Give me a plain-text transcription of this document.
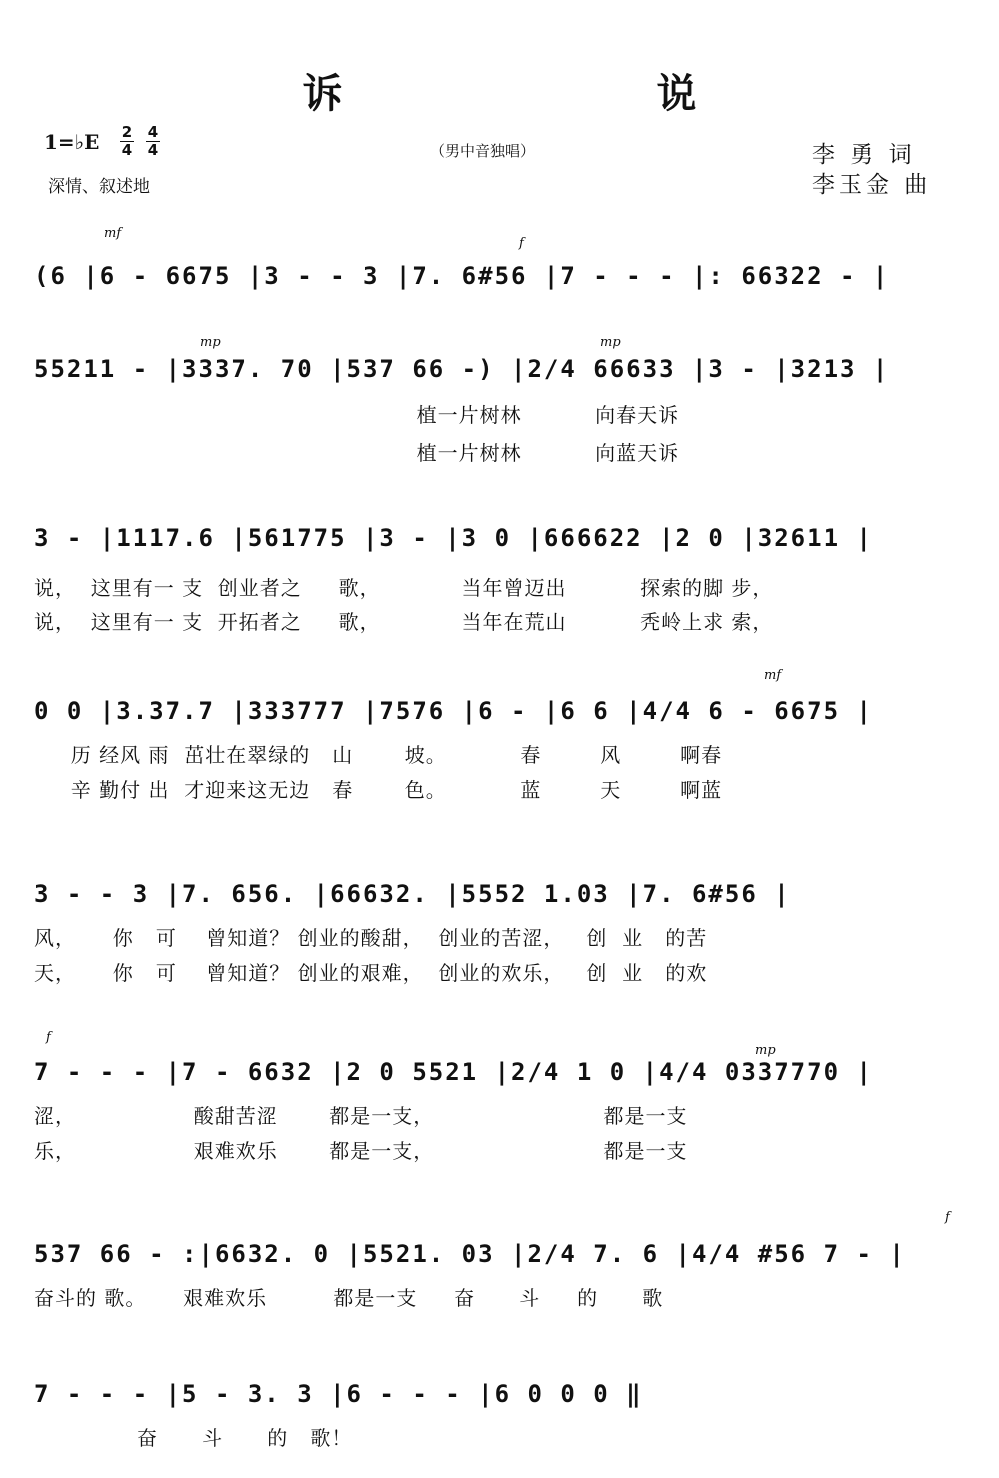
诉 说
1=♭E $\frac{2}{4} \frac{4}{4}$
深情、叙述地
（男中音独唱）	李 勇 词
李玉金 曲
(6 |6 - 6675 |3 - - 3 |7. 6#56 |7 - - - |: 66322 - |
55211 - |3337. 70 |537 66 -) |2/4 66633 |3 - |3213 |
植一片树林          向春天诉
植一片树林          向蓝天诉
3 - |1117.6 |561775 |3 - |3 0 |666622 |2 0 |32611 |
说，  这里有一 支  创业者之     歌，           当年曾迈出          探索的脚 步，
说，  这里有一 支  开拓者之     歌，           当年在荒山          秃岭上求 索，
0 0 |3.37.7 |333777 |7576 |6 - |6 6 |4/4 6 - 6675 |
历 经风 雨  茁壮在翠绿的   山       坡。          春        风        啊春
辛 勤付 出  才迎来这无边   春       色。          蓝        天        啊蓝
3 - - 3 |7. 656. |66632. |5552 1.03 |7. 6#56 |
风，     你   可    曾知道？ 创业的酸甜，  创业的苦涩，   创  业   的苦
天，     你   可    曾知道？ 创业的艰难，  创业的欢乐，   创  业   的欢
7 - - - |7 - 6632 |2 0 5521 |2/4 1 0 |4/4 0337770 |
涩，                酸甜苦涩       都是一支，                       都是一支
乐，                艰难欢乐       都是一支，                       都是一支
537 66 - :|6632. 0 |5521. 03 |2/4 7. 6 |4/4 #56 7 - |
奋斗的 歌。     艰难欢乐         都是一支     奋      斗     的      歌
7 - - - |5 - 3. 3 |6 - - - |6 0 0 0 ‖
奋      斗      的   歌！
mf
f
mp	mp
mf
f
mp
f
